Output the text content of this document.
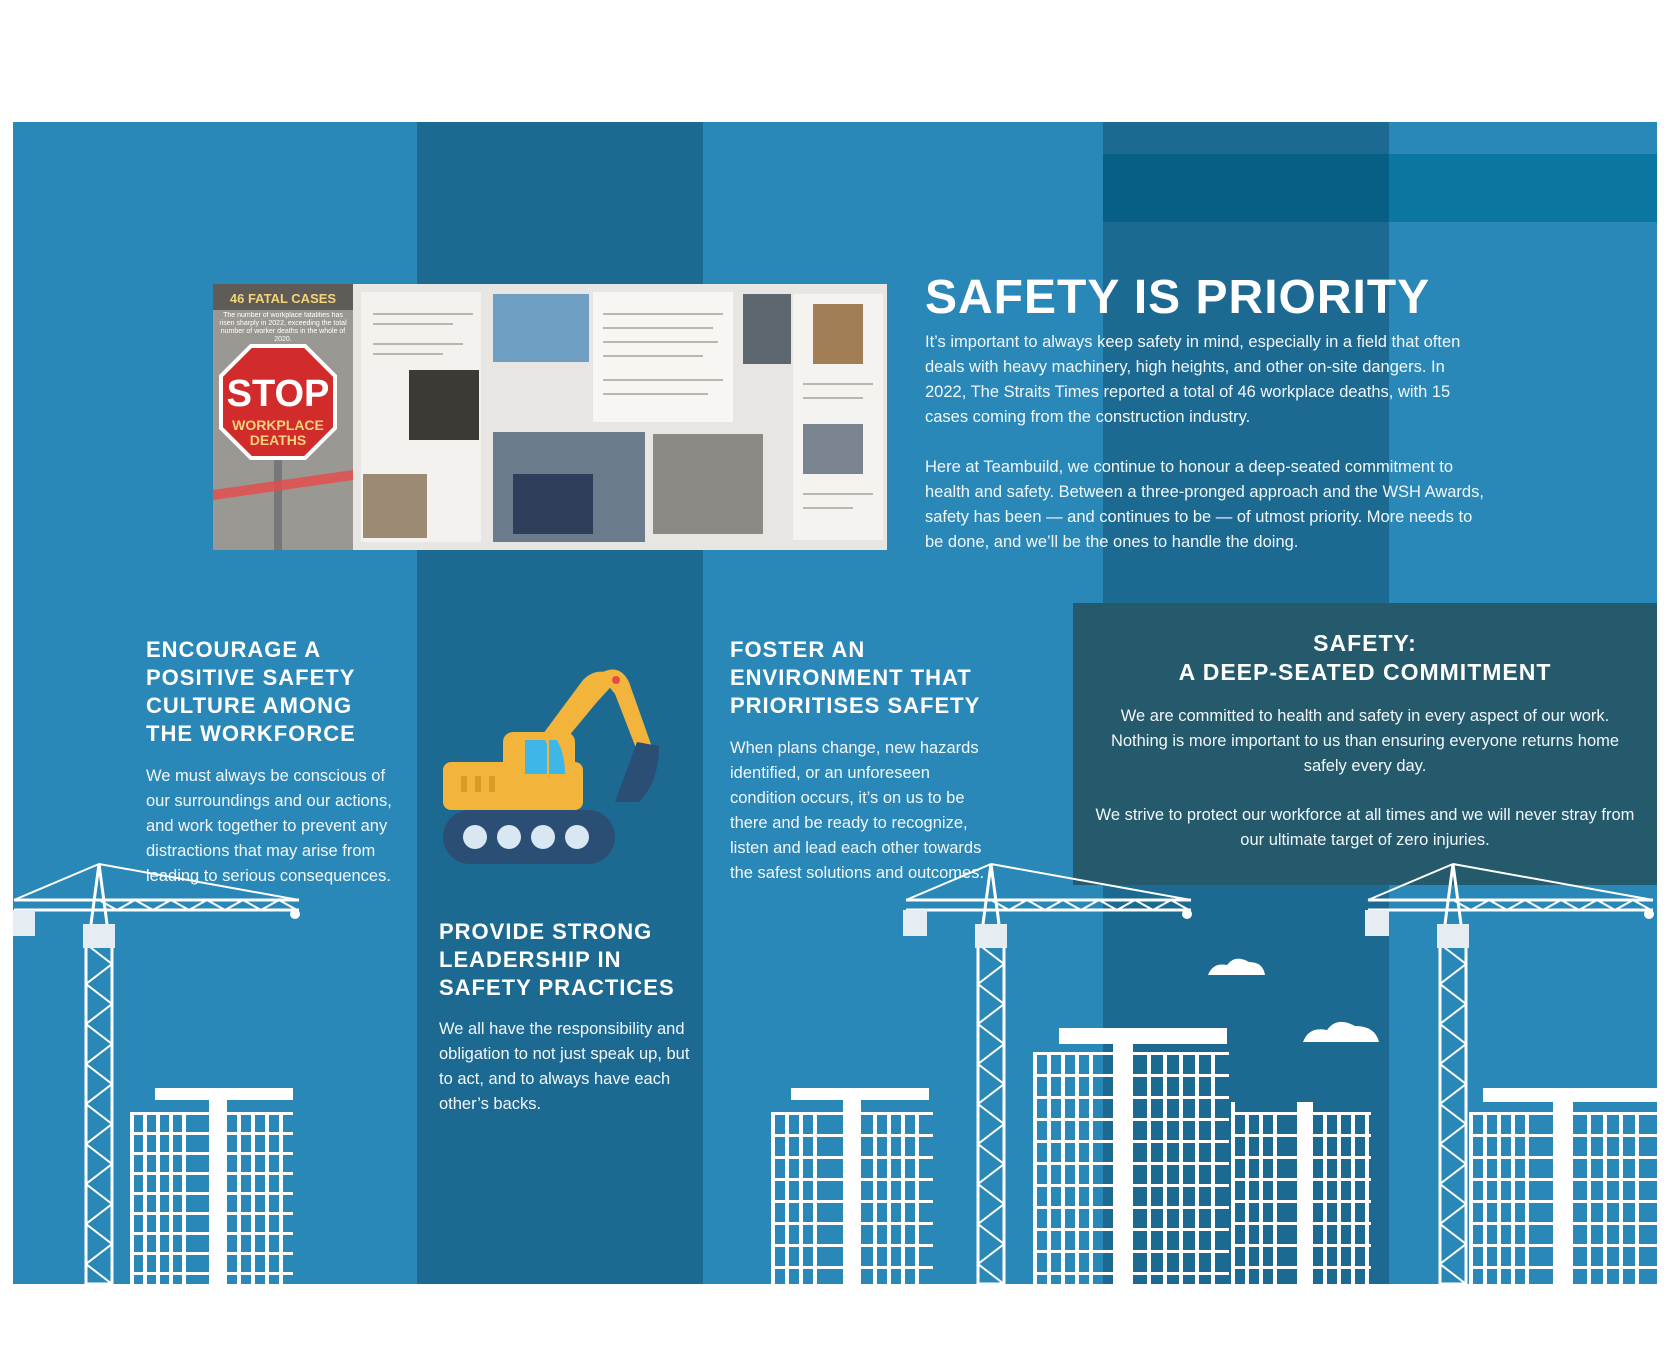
46 FATAL CASES
The number of workplace fatalities has risen sharply in 2022, exceeding the total number of worker deaths in the whole of 2020.
STOP
WORKPLACE DEATHS
SAFETY IS PRIORITY

It’s important to always keep safety in mind, especially in a field that often deals with heavy machinery, high heights, and other on-site dangers. In 2022, The Straits Times reported a total of 46 workplace deaths, with 15 cases coming from the construction industry.

Here at Teambuild, we continue to honour a deep-seated commitment to health and safety. Between a three-pronged approach and the WSH Awards, safety has been — and continues to be — of utmost priority. More needs to be done, and we’ll be the ones to handle the doing.

ENCOURAGE A
POSITIVE SAFETY
CULTURE AMONG
THE WORKFORCE

We must always be conscious of our surroundings and our actions, and work together to prevent any distractions that may arise from leading to serious consequences.

PROVIDE STRONG
LEADERSHIP IN
SAFETY PRACTICES

We all have the responsibility and obligation to not just speak up, but to act, and to always have each other’s backs.

FOSTER AN
ENVIRONMENT THAT
PRIORITISES SAFETY

When plans change, new hazards identified, or an unforeseen condition occurs, it’s on us to be there and be ready to recognize, listen and lead each other towards the safest solutions and outcomes.

SAFETY:
A DEEP-SEATED COMMITMENT

We are committed to health and safety in every aspect of our work. Nothing is more important to us than ensuring everyone returns home safely every day.

We strive to protect our workforce at all times and we will never stray from our ultimate target of zero injuries.
